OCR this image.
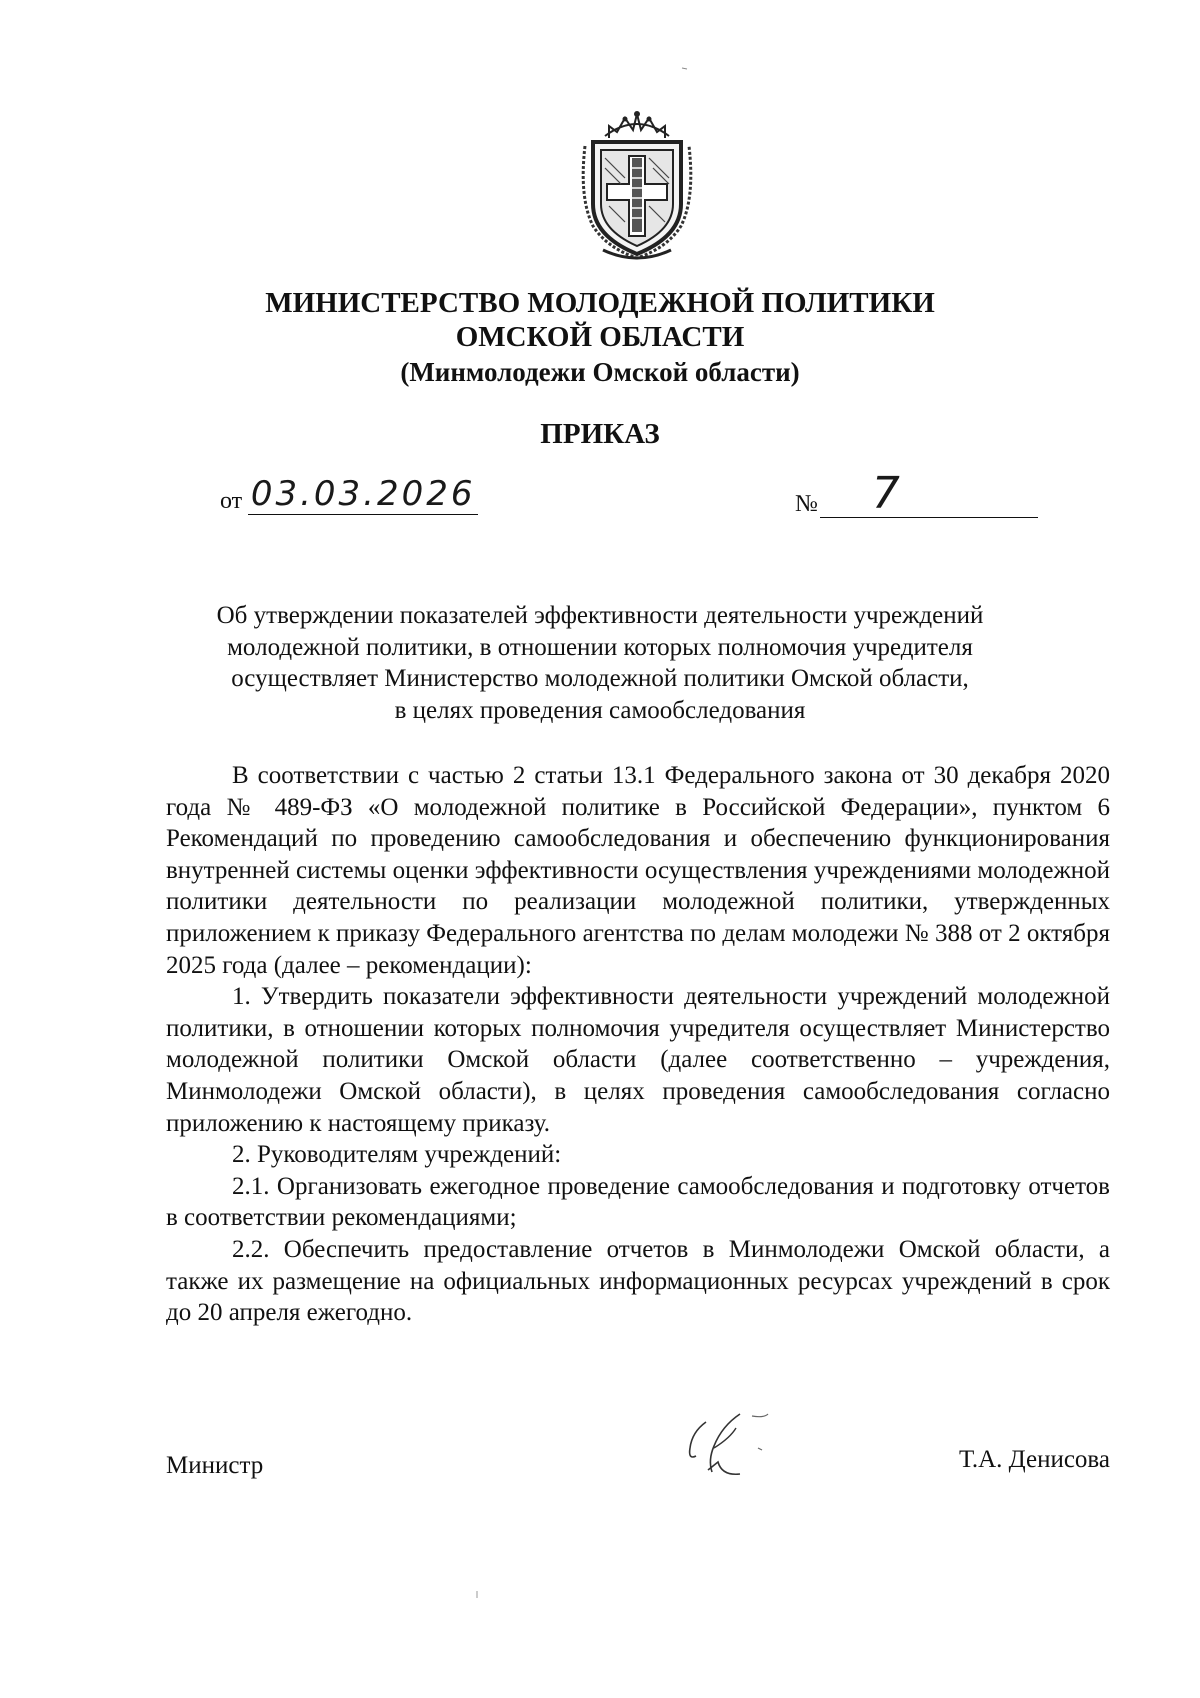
МИНИСТЕРСТВО МОЛОДЕЖНОЙ ПОЛИТИКИ
ОМСКОЙ ОБЛАСТИ
(Минмолодежи Омской области)
ПРИКАЗ
от 03.03.2026	№	7
Об утверждении показателей эффективности деятельности учреждений
молодежной политики, в отношении которых полномочия учредителя
осуществляет Министерство молодежной политики Омской области,
в целях проведения самообследования

В соответствии с частью 2 статьи 13.1 Федерального закона от 30 декабря 2020 года № 489-ФЗ «О молодежной политике в Российской Федерации», пунктом 6 Рекомендаций по проведению самообследования и обеспечению функционирования внутренней системы оценки эффективности осуществления учреждениями молодежной политики деятельности по реализации молодежной политики, утвержденных приложением к приказу Федерального агентства по делам молодежи № 388 от 2 октября 2025 года (далее – рекомендации):

1. Утвердить показатели эффективности деятельности учреждений молодежной политики, в отношении которых полномочия учредителя осуществляет Министерство молодежной политики Омской области (далее соответственно – учреждения, Минмолодежи Омской области), в целях проведения самообследования согласно приложению к настоящему приказу.

2. Руководителям учреждений:

2.1. Организовать ежегодное проведение самообследования и подготовку отчетов в соответствии рекомендациями;

2.2. Обеспечить предоставление отчетов в Минмолодежи Омской области, а также их размещение на официальных информационных ресурсах учреждений в срок до 20 апреля ежегодно.

Министр	Т.А. Денисова
